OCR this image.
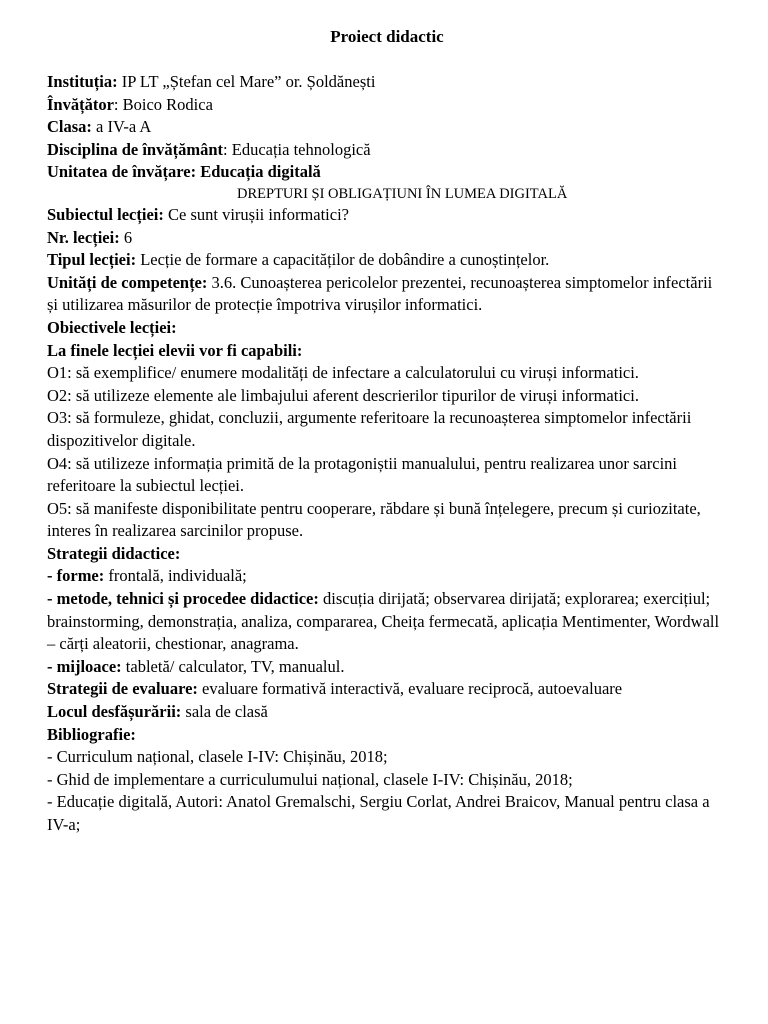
Proiect didactic

Instituția: IP LT „Ștefan cel Mare” or. Șoldănești

Învățător: Boico Rodica

Clasa: a IV-a A

Disciplina de învățământ: Educația tehnologică

Unitatea de învățare: Educația digitală

DREPTURI ȘI OBLIGAȚIUNI ÎN LUMEA DIGITALĂ

Subiectul lecției: Ce sunt virușii informatici?

Nr. lecției: 6

Tipul lecției: Lecție de formare a capacităților de dobândire a cunoștințelor.

Unități de competențe: 3.6. Cunoașterea pericolelor prezentei, recunoașterea simptomelor infectării și utilizarea măsurilor de protecție împotriva virușilor informatici.

Obiectivele lecției:

La finele lecției elevii vor fi capabili:

O1: să exemplifice/ enumere modalități de infectare a calculatorului cu viruși informatici.

O2: să utilizeze elemente ale limbajului aferent descrierilor tipurilor de viruși informatici.

O3: să formuleze, ghidat, concluzii, argumente referitoare la recunoașterea simptomelor infectării dispozitivelor digitale.

O4: să utilizeze informația primită de la protagoniștii manualului, pentru realizarea unor sarcini referitoare la subiectul lecției.

O5: să manifeste disponibilitate pentru cooperare, răbdare și bună înțelegere, precum și curiozitate, interes în realizarea sarcinilor propuse.

Strategii didactice:

- forme: frontală, individuală;

- metode, tehnici și procedee didactice: discuția dirijată; observarea dirijată; explorarea; exercițiul; brainstorming, demonstrația, analiza, compararea, Cheița fermecată, aplicația Mentimenter, Wordwall – cărți aleatorii, chestionar, anagrama.

- mijloace: tabletă/ calculator, TV, manualul.

Strategii de evaluare: evaluare formativă interactivă, evaluare reciprocă, autoevaluare

Locul desfășurării: sala de clasă

Bibliografie:

- Curriculum național, clasele I-IV: Chișinău, 2018;

- Ghid de implementare a curriculumului național, clasele I-IV: Chișinău, 2018;

- Educație digitală, Autori: Anatol Gremalschi, Sergiu Corlat, Andrei Braicov, Manual pentru clasa a IV-a;
